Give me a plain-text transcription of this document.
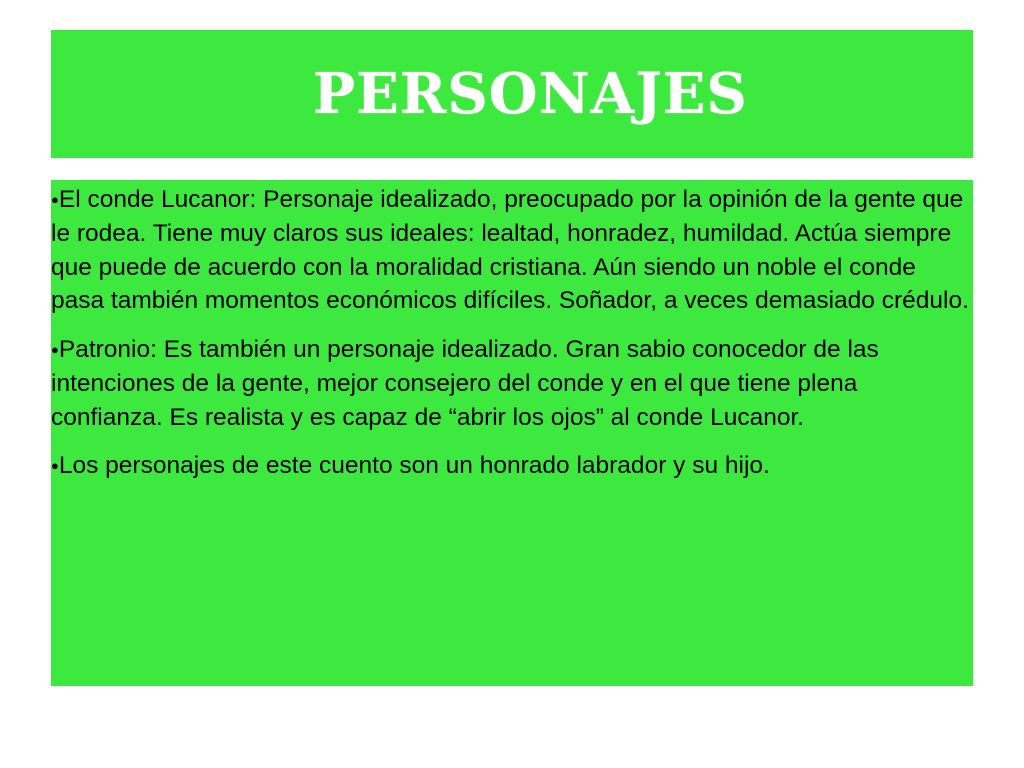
PERSONAJES
●El conde Lucanor: Personaje idealizado, preocupado por la opinión de la gente que le rodea. Tiene muy claros sus ideales: lealtad, honradez, humildad. Actúa siempre que puede de acuerdo con la moralidad cristiana. Aún siendo un noble el conde pasa también momentos económicos difíciles. Soñador, a veces demasiado crédulo.
●Patronio: Es también un personaje idealizado. Gran sabio conocedor de las intenciones de la gente, mejor consejero del conde y en el que tiene plena confianza. Es realista y es capaz de “abrir los ojos” al conde Lucanor.
●Los personajes de este cuento son un honrado labrador y su hijo.
